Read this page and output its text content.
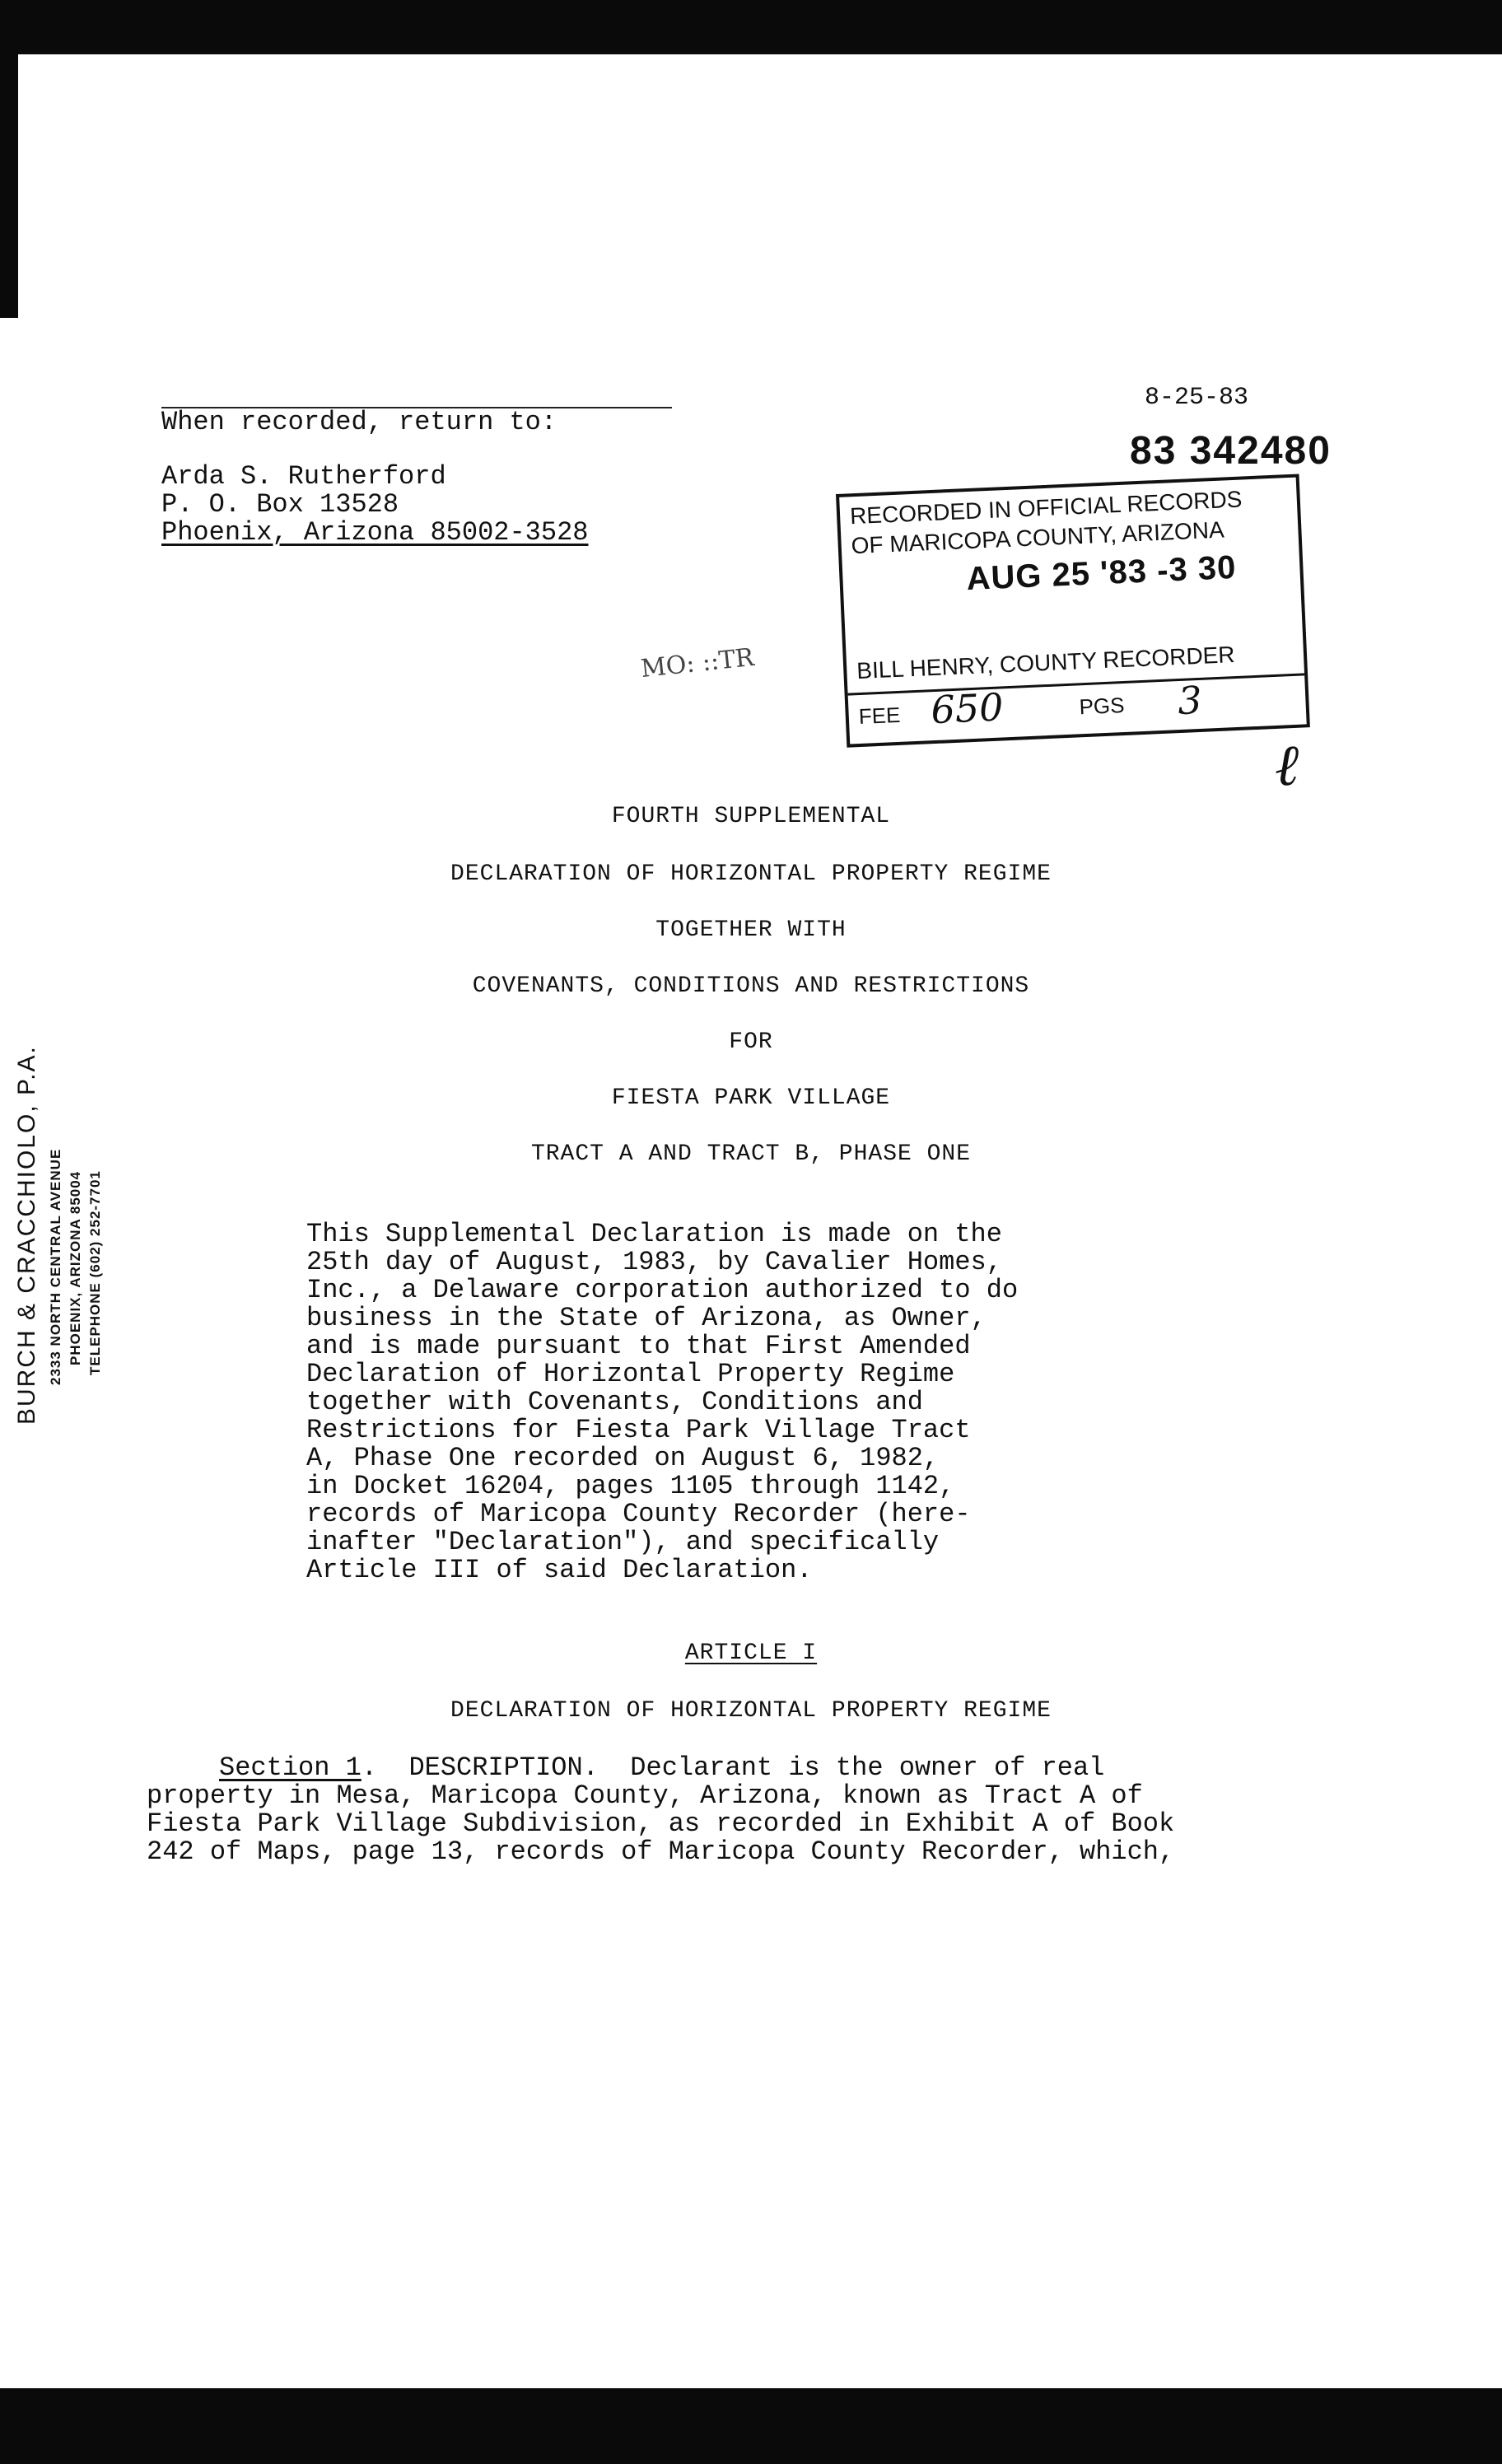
When recorded, return to:
Arda S. Rutherford
P. O. Box 13528
Phoenix, Arizona 85002-3528
8-25-83
83 342480
RECORDED IN OFFICIAL RECORDS
OF MARICOPA COUNTY, ARIZONA
AUG 25 '83 -3 30
BILL HENRY, COUNTY RECORDER
FEE 650	PGS 3
MO: ::TR
ℓ
FOURTH SUPPLEMENTAL
DECLARATION OF HORIZONTAL PROPERTY REGIME
TOGETHER WITH
COVENANTS, CONDITIONS AND RESTRICTIONS
FOR
FIESTA PARK VILLAGE
TRACT A AND TRACT B, PHASE ONE
BURCH & CRACCHIOLO, P.A. 2333 NORTH CENTRAL AVENUE PHOENIX, ARIZONA 85004 TELEPHONE (602) 252-7701	This Supplemental Declaration is made on the
25th day of August, 1983, by Cavalier Homes,
Inc., a Delaware corporation authorized to do
business in the State of Arizona, as Owner,
and is made pursuant to that First Amended
Declaration of Horizontal Property Regime
together with Covenants, Conditions and
Restrictions for Fiesta Park Village Tract
A, Phase One recorded on August 6, 1982,
in Docket 16204, pages 1105 through 1142,
records of Maricopa County Recorder (here-
inafter "Declaration"), and specifically
Article III of said Declaration.
ARTICLE I
DECLARATION OF HORIZONTAL PROPERTY REGIME
Section 1.  DESCRIPTION.  Declarant is the owner of real
property in Mesa, Maricopa County, Arizona, known as Tract A of
Fiesta Park Village Subdivision, as recorded in Exhibit A of Book
242 of Maps, page 13, records of Maricopa County Recorder, which,
